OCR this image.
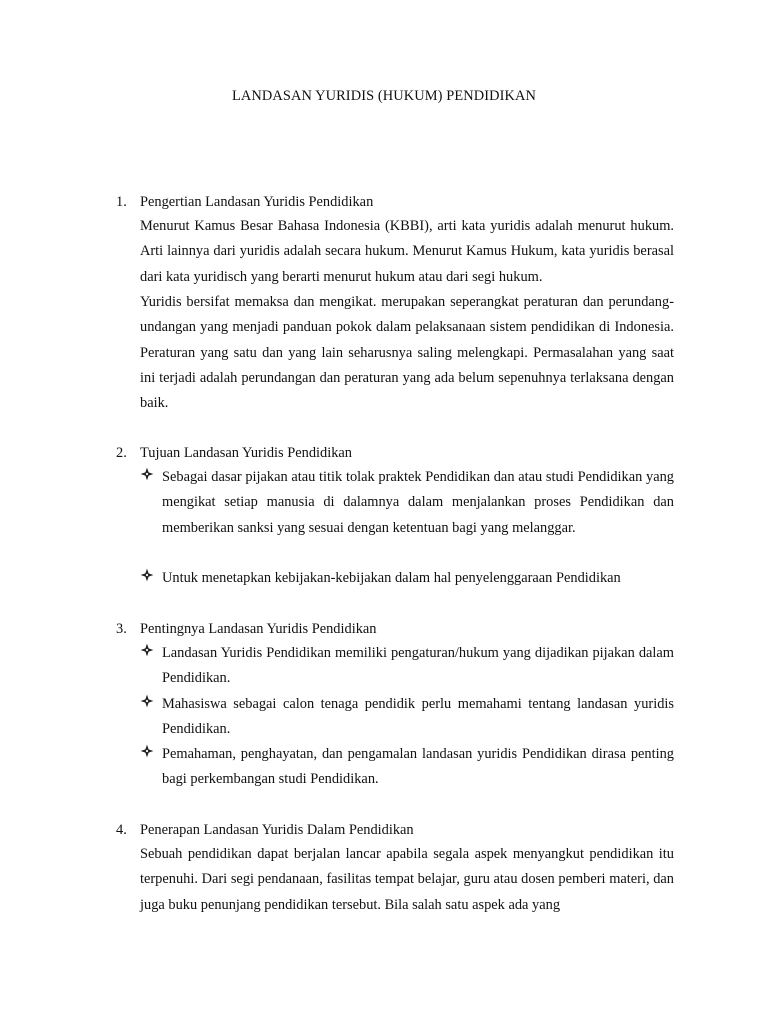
LANDASAN YURIDIS (HUKUM) PENDIDIKAN
1. Pengertian Landasan Yuridis Pendidikan
Menurut Kamus Besar Bahasa Indonesia (KBBI), arti kata yuridis adalah menurut hukum. Arti lainnya dari yuridis adalah secara hukum. Menurut Kamus Hukum, kata yuridis berasal dari kata yuridisch yang berarti menurut hukum atau dari segi hukum.
Yuridis bersifat memaksa dan mengikat. merupakan seperangkat peraturan dan perundang-undangan yang menjadi panduan pokok dalam pelaksanaan sistem pendidikan di Indonesia. Peraturan yang satu dan yang lain seharusnya saling melengkapi. Permasalahan yang saat ini terjadi adalah perundangan dan peraturan yang ada belum sepenuhnya terlaksana dengan baik.
2. Tujuan Landasan Yuridis Pendidikan
Sebagai dasar pijakan atau titik tolak praktek Pendidikan dan atau studi Pendidikan yang mengikat setiap manusia di dalamnya dalam menjalankan proses Pendidikan dan memberikan sanksi yang sesuai dengan ketentuan bagi yang melanggar.
Untuk menetapkan kebijakan-kebijakan dalam hal penyelenggaraan Pendidikan
3. Pentingnya Landasan Yuridis Pendidikan
Landasan Yuridis Pendidikan memiliki pengaturan/hukum yang dijadikan pijakan dalam Pendidikan.
Mahasiswa sebagai calon tenaga pendidik perlu memahami tentang landasan yuridis Pendidikan.
Pemahaman, penghayatan, dan pengamalan landasan yuridis Pendidikan dirasa penting bagi perkembangan studi Pendidikan.
4. Penerapan Landasan Yuridis Dalam Pendidikan
Sebuah pendidikan dapat berjalan lancar apabila segala aspek menyangkut pendidikan itu terpenuhi. Dari segi pendanaan, fasilitas tempat belajar, guru atau dosen pemberi materi, dan juga buku penunjang pendidikan tersebut. Bila salah satu aspek ada yang
